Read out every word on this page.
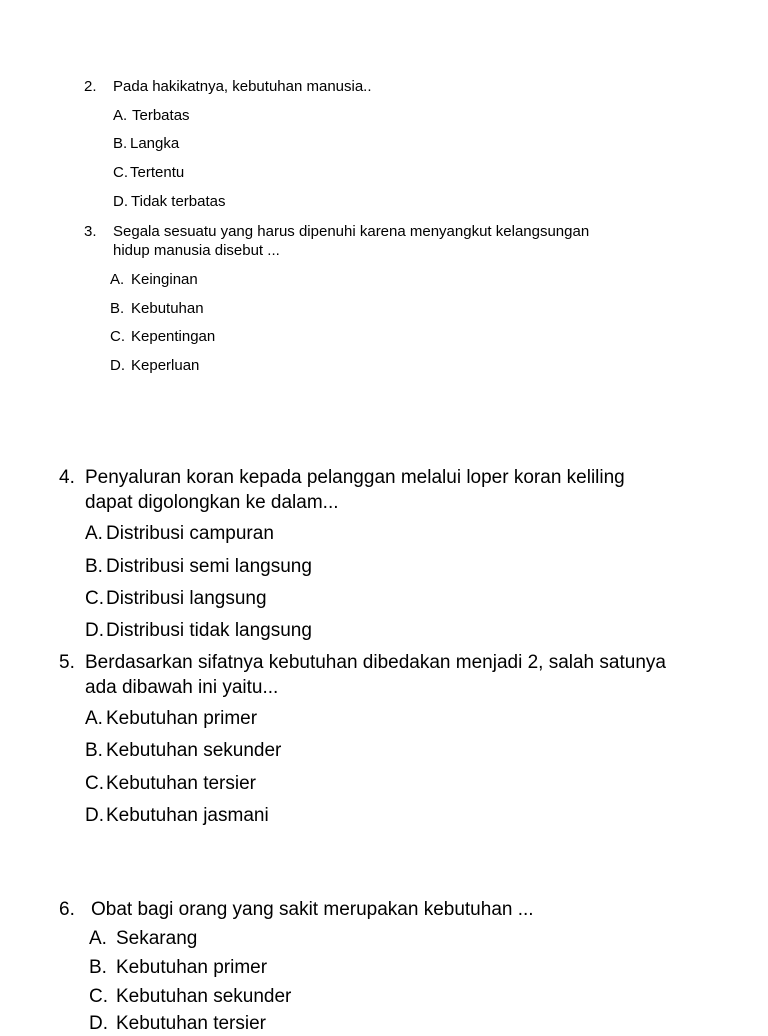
2. Pada hakikatnya, kebutuhan manusia..
A. Terbatas
B. Langka
C. Tertentu
D. Tidak terbatas
3. Segala sesuatu yang harus dipenuhi karena menyangkut kelangsungan
hidup manusia disebut ...
A. Keinginan
B. Kebutuhan
C. Kepentingan
D. Keperluan
4. Penyaluran koran kepada pelanggan melalui loper koran keliling
dapat digolongkan ke dalam...
A. Distribusi campuran
B. Distribusi semi langsung
C. Distribusi langsung
D. Distribusi tidak langsung
5. Berdasarkan sifatnya kebutuhan dibedakan menjadi 2, salah satunya
ada dibawah ini yaitu...
A. Kebutuhan primer
B. Kebutuhan sekunder
C. Kebutuhan tersier
D. Kebutuhan jasmani
6. Obat bagi orang yang sakit merupakan kebutuhan ...
A. Sekarang
B. Kebutuhan primer
C. Kebutuhan sekunder
D. Kebutuhan tersier
